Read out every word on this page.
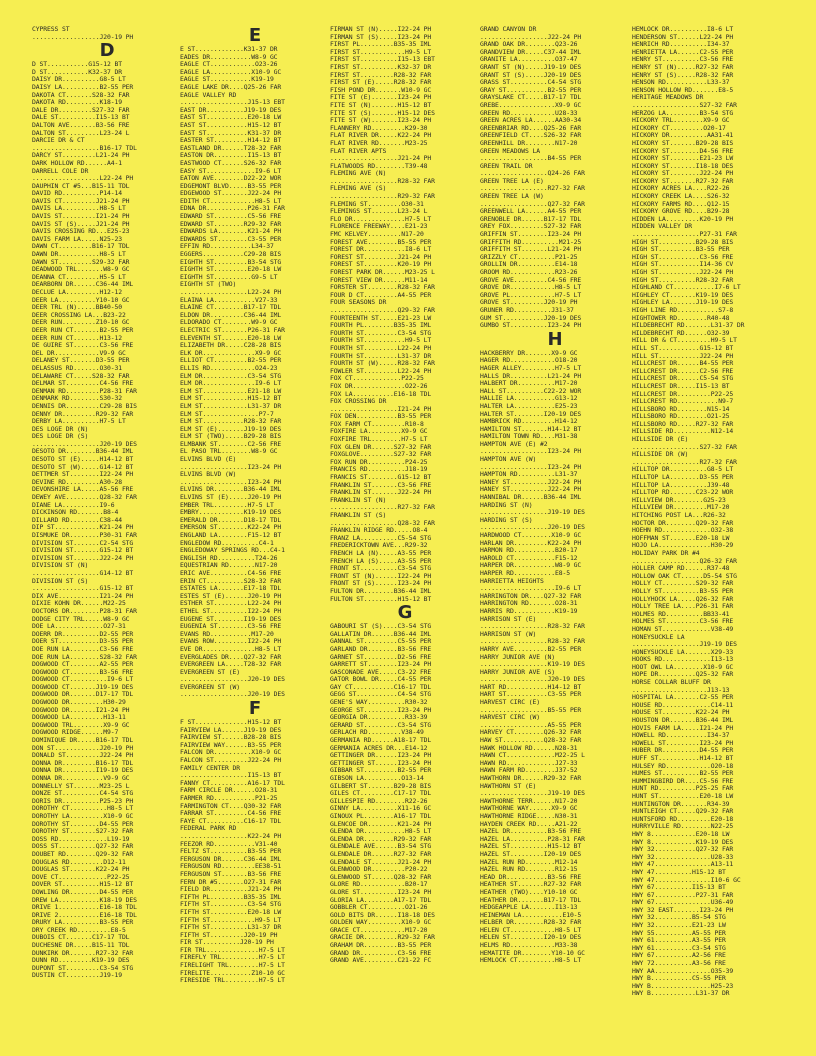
CYPRESS ST
..................J20-19 PH
D
D ST...........G15-12 BT
D ST...........K32-37 DR
DAISY DR..........G8-5 LT
DAISY LA..........B2-55 PER
DAKOTA CT.......S28-32 FAR
DAKOTA RD.........K18-19
DALE DR.........S27-32 FAR
DALE ST..........I15-13 BT
DALTON AVE.......B3-56 FRE
DALTON ST.........L23-24 L
DARCIE DR & CT
..................B16-17 TDL
DARCY ST.........L21-24 PH
DARK HOLLOW RD......A4-1
DARRELL COLE DR
..................L22-24 PH
DAUPHIN CT #5...B15-11 TDL
DAVID RD..........P14-14
DAVIS CT.........J21-24 PH
DAVIS LA..........H8-5 LT
DAVIS ST.........I21-24 PH
DAVIS ST (S).....J21-24 PH
DAVIS CROSSING RD...E25-23
DAVIS FARM LA.....N25-23
DAWN CT.........B16-17 TDL
DAWN DR...........H8-5 LT
DAWN ST.........S29-32 FAR
DEADWOOD TRL.......W8-9 GC
DEANNA CT.........H5-5 LT
DEARBORN DR......C36-44 IML
DECLUE LA.........H12-12
DEER LA..........Y10-10 GC
DEER TRL (N).....BB40-50
DEER CROSSING LA...B23-22
DEER RUN.........Z10-10 GC
DEER RUN CT.......B2-55 PER
DEER RUN CT.......H13-12
DE GUIRE ST.......C3-56 FRE
DEL DR............V9-9 GC
DELANEY ST.......D3-55 PER
DELASSUS RD.......O30-31
DELAWARE CT.....S28-32 FAR
DELMAR ST.........C4-56 FRE
DENMAN RD.........P28-31 FAR
DENMARK RD........S30-32
DENNIS DR.........C29-28 BIS
DENNY DR.........R29-32 FAR
DERBY LA..........H7-5 LT
DES LOGE DR (N)
DES LOGE DR (S)
..................J20-19 DES
DESOTO DR........B36-44 IML
DESOTO ST (E).....H14-12 BT
DESOTO ST (W).....G14-12 BT
DETTMER ST........I22-24 PH
DEVINE RD.........A30-28
DEVONSHIRE LA.....A5-56 FRE
DEWEY AVE.........Q28-32 FAR
DIANE LA..........I9-6
DICKINSON RD.......B8-4
DILLARD RD........C38-44
DIP ST............K21-24 PH
DISMUKE DR........P30-31 FAR
DIVISION ST.......C2-54 STG
DIVISION ST.......G15-12 BT
DIVISION ST.......J22-24 PH
DIVISION ST (N)
..................G14-12 BT
DIVISION ST (S)
..................G15-12 BT
DIX AVE...........I21-24 PH
DIXIE KOHN DR......M22-25
DOCTORS DR........P28-31 FAR
DODGE CITY TRL.....W8-9 GC
DOE LA.............O27-31
DOERR DR..........D2-55 PER
DOER ST...........D3-55 PER
DOE RUN LA........C3-56 FRE
DOE RUN LA........S28-32 FAR
DOGWOOD CT........A2-55 PER
DOGWOOD CT........B3-56 FRE
DOGWOOD CT..........I9-6 LT
DOGWOOD CT.......J19-19 DES
DOGWOOD DR.......D17-17 TDL
DOGWOOD DR.........H30-29
DOGWOOD DR.......I21-24 PH
DOGWOOD LA.........H13-11
DOGWOOD TRL........X9-9 GC
DOGWOOD RIDGE......M9-7
DOMINIQUE DR.....B16-17 TDL
DON ST............J20-19 PH
DONALD ST.........J22-24 PH
DONNA DR.........B16-17 TDL
DONNA DR.........I19-19 DES
DONNA DR...........V9-9 GC
DONNELLY ST.......M23-25 L
DONZE ST..........C4-54 STG
DORIS DR..........P25-23 PH
DOROTHY CT..........H8-5 LT
DOROTHY LA.........X10-9 GC
DOROTHY ST........D4-55 PER
DOROTHY ST.......S27-32 FAR
DOSS RD.............L19-19
DOSS ST..........Q27-32 FAR
DOUBET RD........Q29-32 FAR
DOUGLAS RD.........D12-11
DOUGLAS ST.......K22-24 PH
DOVE CT.............P22-25
DOVER ST..........H15-12 BT
DOWLING DR........D4-55 PER
DREW LA...........K18-19 DES
DRIVE 1...........E16-18 TDL
DRIVE 2...........E16-18 TDL
DRURY LA..........B3-55 PER
DRY CREEK RD.........E8-5
DUBOIS CT.......C17-17 TDL
DUCHESNE DR.....B15-11 TDL
DUNKIRK DR.......R27-32 FAR
DUNN RD.........K19-19 DES
DUPONT ST.........C3-54 STG
DUSTIN CT.........J19-19
E
E ST.............K31-37 DR
EADES DR...........W8-9 GC
EAGLE CT............O23-26
EAGLE LA...........X10-9 GC
EAGLE ST...........K19-19
EAGLE LAKE DR....Q25-26 FAR
EAGLE VALLEY RD
..................J15-13 EBT
EAST DR..........J19-19 DES
EAST ST...........E20-18 LW
EAST ST...........H15-12 BT
EAST ST...........K31-37 DR
EASTER ST.........H14-12 BT
EASTLAND DR......T28-32 FAR
EASTON DR.........I15-13 BT
EASTWOOD CT......S26-32 FAR
EASY ST.............I9-6 LT
EATON AVE........D22-22 WOR
EDGEMONT BLVD.....B3-55 PER
EDGEWOOD ST.......J22-24 PH
EDITH CT............H8-5 LT
EDNA DR...........P26-31 FAR
EDWARD ST.........C5-56 FRE
EDWARD ST........R29-32 FAR
EDWARDS LA........K21-24 PH
EDWARDS ST........C3-55 PER
EFFIN RD...........L34-37
EGGERS...........C29-28 BIS
EIGHTH ST.........B3-54 STG
EIGHTH ST.........E20-18 LW
EIGHTH ST..........G9-5 LT
EIGHTH ST (TWO)
..................L22-24 PH
ELAINA LA...........V27-33
ELAINE CT........B17-17 TDL
ELDON DR.........C36-44 IML
ELDORADO CT........W9-9 GC
ELECTRIC ST.......P26-31 FAR
ELEVENTH ST.......E20-18 LW
ELIZABETH DR.....C28-28 BIS
ELK DR..............X9-9 GC
ELLIOT CT.........B2-55 PER
ELLIS RD............O24-23
ELM DR............C3-54 STG
ELM DR..............I9-6 LT
ELM ST............E21-18 LW
ELM ST............H15-12 BT
ELM ST............L31-37 DR
ELM ST...............P7-7
ELM ST...........R28-32 FAR
ELM ST (E).......J19-19 DES
ELM ST (TWO).....B29-28 BIS
ELMBANK ST........C2-56 FRE
EL PASO TRL........W8-9 GC
ELVINS BLVD (E)
..................I23-24 PH
ELVINS BLVD (W)
..................I23-24 PH
ELVINS DR........B36-44 IML
ELVINS ST (E).....J20-19 PH
EMBER TRL.........H7-5 LT
EMBRY............K19-19 DES
EMERALD DR.......D18-17 TDL
EMERSON ST........K22-24 PH
ENGLAND LA........F15-12 BT
ENGLEDOW RD..........C4-1
ENGLEDOWAY SPRINGS RD...C4-1
ENGLISH RD..........T24-26
EQUESTRIAN RD.......N17-20
ERIC AVE..........C4-56 FRE
ERIN CT..........S28-32 FAR
ESTATES LA.......E17-18 TDL
ESTES ST (E)......J20-19 PH
ESTHER ST.........L22-24 PH
ETHEL ST..........I22-24 PH
EUGENE ST........I19-19 DES
EUGENIA ST........C3-56 FRE
EVANS RD...........M17-20
EVANS ROW.........I22-24 PH
EVE DR..............H8-5 LT
EVERGLADES DR....Q27-32 FAR
EVERGREEN LA.....T28-32 FAR
EVERGREEN ST (E)
..................J20-19 DES
EVERGREEN ST (W)
..................J20-19 DES
F
F ST..............H15-12 BT
FAIRVIEW LA......J19-19 DES
FAIRVIEW ST......B28-28 BIS
FAIRVIEW WAY......B3-55 PER
FALCON DR..........X10-9 GC
FALCON ST.........J22-24 PH
FAMILY CENTER DR
..................I15-13 BT
FANNY CT..........A16-17 TDL
FARM CIRCLE DR......O28-31
FARMER RD...........P21-25
FARMINGTON CT....Q30-32 FAR
FARRAR ST.........C4-56 FRE
FAYE CT..........C16-17 TDL
FEDERAL PARK RD
..................K22-24 PH
FEEZOR RD...........V31-40
FELTZ ST..........B3-55 PER
FERGUSON DR......C36-44 IML
FERGUSON RD.........EE38-51
FERGUSON ST.......B3-56 FRE
FERN DR #5.......O27-31 FAR
FIELD DR..........J21-24 PH
FIFTH PL.........B35-35 IML
FIFTH ST..........C3-54 STG
FIFTH ST..........E20-18 LW
FIFTH ST............H9-5 LT
FIFTH ST..........L31-37 DR
FIFTH ST.........J20-19 PH
FIR ST..........J20-19 PH
FIR TRL..............H7-5 LT
FIREFLY TRL..........H7-5 LT
FIRELIGHT TRL........H7-5 LT
FIRELITE...........Z10-10 GC
FIRESIDE TRL.........H7-5 LT
FIRMAN ST (N).....I22-24 PH
FIRMAN ST (S).....I23-24 PH
FIRST PL.........B35-35 IML
FIRST ST............H9-5 LT
FIRST ST..........I15-13 EBT
FIRST ST..........K32-37 DR
FIRST ST.........R28-32 FAR
FIRST ST (E).....R28-32 FAR
FISH POND DR.......W10-9 GC
FITE ST (E).......I23-24 PH
FITE ST (N).......H15-12 BT
FITE ST (S).......H15-12 DES
FITE ST (W).......I23-24 PH
FLANNERY RD.........K29-30
FLAT RIVER DR.....K22-24 PH
FLAT RIVER RD.......M23-25
FLAT RIVER APTS
..................J21-24 PH
FLATWOODS RD........T39-48
FLEMING AVE (N)
..................R28-32 FAR
FLEMING AVE (S)
..................R29-32 FAR
FLEMING ST.........O30-31
FLEMINGS ST.......L23-24 L
FLO DR..............H7-5 LT
FLORENCE FREEWAY....E21-23
FMC KELVEY.........N17-20
FOREST AVE........B5-55 PER
FOREST DR...........I8-6 LT
FOREST ST.........J21-24 PH
FOREST ST.........K20-19 PH
FOREST PARK DR......M23-25 L
FOREST VIEW DR......M11-14
FORSTER ST........R28-32 FAR
FOUR D CT.........A4-55 PER
FOUR SEASONS DR
..................Q29-32 FAR
FOURTEENTH ST.....E21-23 LW
FOURTH PL........B35-35 IML
FOURTH ST.........C3-54 STG
FOURTH ST...........H9-5 LT
FOURTH ST.........L22-24 PH
FOURTH ST.........L31-37 DR
FOURTH ST (W).....R28-32 FAR
FOWLER ST.........L22-24 PH
FOX CT.............P22-25
FOX DR..............O22-26
FOX LA...........E16-18 TDL
FOX CROSSING DR
..................I21-24 PH
FOX DEN...........B3-55 PER
FOX FARM CT.........R10-8
FOXFIRE LA.........X9-9 GC
FOXFIRE TRL........H7-5 LT
FOX GLEN DR......S27-32 FAR
FOXGLOVE.........S27-32 FAR
FOX RUN DR..........P24-25
FRANCIS RD..........J18-19
FRANCIS ST........G15-12 BT
FRANKLIN ST.......C3-56 FRE
FRANKLIN ST.......J22-24 PH
FRANKLIN ST (N)
..................R27-32 FAR
FRANKLIN ST (S)
..................Q28-32 FAR
FRANKLIN RIDGE RD.....O8-4
FRANZ LA..........C5-54 STG
FREDERICKTOWN AVE...R29-32
FRENCH LA (N).....A3-55 PER
FRENCH LA (S).....A3-55 PER
FRONT ST..........C3-54 STG
FRONT ST (N)......I22-24 PH
FRONT ST (S)......I23-24 PH
FULTON DR........B36-44 IML
FULTON ST.........H15-12 BT
G
GABOURI ST (S)....C3-54 STG
GALLATIN DR......B36-44 IML
GANNAL ST.........C5-55 PER
GARLAND DR........B3-56 FRE
GARNET ST.........D2-56 FRE
GARRETT ST........I23-24 PH
GASCONADE AVE.....C3-22 FRE
GATOR BOWL DR.....C4-55 PER
GAY CT...........C16-17 TDL
GEGG ST...........C4-54 STG
GENE'S WAY..........R30-32
GEORGE ST.........I23-24 PH
GEORGIA DR..........R33-39
GERARD ST.........C3-54 STG
GERLACH RD.........V38-49
GERMANIA RD......A18-17 TDL
GERMANIA ACRES DR...E14-12
GETTINGER DR......I23-24 PH
GETTINGER ST......I23-24 PH
GIBBAR ST.........B2-55 PER
GIBSON LA..........O13-14
GILBERT ST.......B29-28 BIS
GILES CT.........C17-17 TDL
GILLESPIE RD........R22-26
GINNY LA..........X11-16 GC
GINOUX PL........A16-17 TDL
GLENCOE DR........K21-24 PH
GLENDA DR...........H8-5 LT
GLENDA DR........R29-32 FAR
GLENDALE AVE......B3-54 STG
GLENDALE DR......R27-32 FAR
GLENDALE ST.......J21-24 PH
GLENWOOD DR.........P20-22
GLENWOOD ST......Q28-32 FAR
GLORE RD............B20-17
GLORE ST..........I23-24 PH
GLORIA LA........A17-17 TDL
GOBBLER CT..........O21-26
GOLD BITS DR......I18-18 DES
GOLDEN WAY.........X10-9 GC
GRACE CT............M17-20
GRACIE DR.........R29-32 FAR
GRAHAM DR.........B3-55 PER
GRAND DR..........C3-56 FRE
GRAND AVE.........C21-22 FC
GRAND CANYON DR
..................J22-24 PH
GRAND OAK DR........Q23-26
GRANDVIEW DR.....C37-44 IML
GRANITE LA..........O37-47
GRANT ST (N).....J19-19 DES
GRANT ST (S).....J20-19 DES
GRASS ST..........C4-54 STG
GRAY ST...........B2-55 PER
GRAYSLAKE CT.....B17-17 TDL
GREBE...............X9-9 GC
GREEN RD............U28-33
GREEN ACRES LA......AA30-34
GREENBRIAR RD....Q25-26 FAR
GREENFIELD CT....S26-32 FAR
GREENHILL DR........N17-20
GREEN MEADOWS LA
..................B4-55 PER
GREEN TRAIL DR
..................Q24-26 FAR
GREEN TREE LA (E)
..................R27-32 FAR
GREEN TREE LA (W)
..................Q27-32 FAR
GREENWELL LA......A4-55 PER
GRENOBLE DR......B17-17 TDL
GREY FOX.........S27-32 FAR
GRIFFIN ST........I23-24 PH
GRIFFITH RD..........M21-25
GRIFFITH ST.......L21-24 PH
GRIZZLY CT..........P21-25
GROLLIN DR..........E14-18
GROOM RD............R23-26
GROVE AVE.........C4-56 FRE
GROVE DR............H8-5 LT
GROVE PL............H7-5 LT
GROVE ST.........J20-19 PH
GRUNER RD..........J31-37
GUM ST...........J20-19 DES
GUMBO ST..........I23-24 PH
H
HACKBERRY DR.......X9-9 GC
HAGER RD............O18-20
HAGER ALLEY.........H7-5 LT
HALLS DR..........L21-24 PH
HALBERT DR..........M17-20
HALL ST..........C22-22 WOR
HALLIE LA...........G13-12
HALTER LA...........E25-23
HALTER ST........I20-19 DES
HAMBRICK RD.........H14-12
HAMILTON ST.......H14-12 BT
HAMILTON TOWN RD....M31-38
HAMPTON AVE (E) #2
..................I23-24 PH
HAMPTON AVE (W)
..................I23-24 PH
HAMPTON RD..........L31-37
HANEY ST..........J22-24 PH
HANEY ST..........J22-24 PH
HANNIBAL DR......B36-44 IML
HARDING ST (N)
..................J19-19 DES
HARDING ST (S)
..................J20-19 DES
HARDWOOD CT........X10-9 GC
HARLAN DR.........K22-24 PH
HARMON RD...........B20-17
HAROLD CT...........F15-12
HARPER DR...........W8-9 GC
HARPER RD...........E8-5
HARRIETTA HEIGHTS
....................I9-6 LT
HARRINGTON DR....Q27-32 FAR
HARRINGTON RD.......O28-31
HARRIS RD...........K19-19
HARRISON ST (E)
..................R28-32 FAR
HARRISON ST (W)
..................R28-32 FAR
HARRY AVE.........B2-55 PER
HARRY JUNIOR AVE (N)
..................K19-19 DES
HARRY JUNIOR AVE (S)
..................J20-19 DES
HART RD...........H14-12 BT
HART ST...........C3-55 PER
HARVEST CIRC (E)
..................B5-55 PER
HARVEST CIRC (W)
..................A5-55 PER
HARVEY CT........Q26-32 FAR
HAW ST...........Q28-32 FAR
HAWK HOLLOW RD......N28-31
HAWN CT.............M22-25 L
HAWN RD.............J27-33
HAWN FARM RD........J37-52
HAWTHORN DR......R29-32 FAR
HAWTHORN ST (E)
..................J19-19 DES
HAWTHORNE TERR......N17-20
HAWTHORNE WAY......X9-9 GC
HAWTHORNE RIDGE.....N30-31
HAYDEN CREEK RD.....A21-22
HAZEL DR..........B3-56 FRE
HAZEL LA..........P28-31 FAR
HAZEL ST..........H15-12 BT
HAZEL ST.........I20-19 DES
HAZEL RUN RD........M12-14
HAZEL RUN RD........R12-15
HEAD DR...........B3-56 FRE
HEATHER ST.......R27-32 FAR
HEATHER (TWO)....Y10-10 GC
HEATHER DR.......B17-17 TDL
HEDGEAPPLE LA.......I13-13
HEINEMAN LA...........E10-5
HELBER DR........R28-32 FAR
HELEN CT............H8-5 LT
HELEN ST.........I20-19 DES
HELMS RD............M33-38
HEMATITE DR........Y10-10 GC
HEMLOCK CT..........H8-5 LT
HEMLOCK DR..........I8-6 LT
HENDERSON ST......L22-24 PH
HENRICH RD..........I34-37
HENRIETTA LA......C2-55 PER
HENRY ST..........C3-56 FRE
HENRY ST (N).....R27-32 FAR
HENRY ST (S).....R28-32 FAR
HENSON RD...........L33-37
HENSON HOLLOW RD.......E8-5
HERITAGE MEADOWS DR
..................S27-32 FAR
HERZOG LA.........B3-54 STG
HICKORY TRL........X9-9 GC
HICKORY CT.........O20-17
HICKORY DR..........AA31-41
HICKORY ST.......B29-28 BIS
HICKORY ST........D4-56 FRE
HICKORY ST........E21-23 LW
HICKORY ST.......I18-18 DES
HICKORY ST........J22-24 PH
HICKORY ST.......R27-32 FAR
HICKORY ACRES LA....R22-26
HICKORY CREEK LA....S26-32
HICKORY FARMS RD....Q12-15
HICKORY GROVE RD....B29-28
HIDDEN LA.........K20-19 PH
HIDDEN VALLEY DR
..................P27-31 FAR
HIGH ST..........B29-28 BIS
HIGH ST..........B3-55 PER
HIGH ST...........C3-56 FRE
HIGH ST...........I14-36 CV
HIGH ST...........J22-24 PH
HIGH ST..........R28-32 FAR
HIGHLAND CT...........I7-6 LT
HIGHLEY CT.......K19-19 DES
HIGHLEY LA.......J19-19 DES
HIGH LINE RD...........S7-8
HIGHTOWER RD........R40-48
HILDEBRECHT RD.......L31-37 DR
HILDEBRECHT RD......O32-39
HILL DR & CT.........H9-5 LT
HILL ST...........G15-12 BT
HILL ST...........J22-24 PH
HILLCREST DR......B4-55 PER
HILLCREST DR......C2-56 FRE
HILLCREST DR......C5-54 STG
HILLCREST DR.....I15-13 BT
HILLCREST DR.........P22-25
HILLCREST RD...........N9-7
HILLSBORO RD........N15-14
HILLSBORO RD........O21-25
HILLSBORO RD.....R27-32 FAR
HILLSIDE RD..........N12-14
HILLSIDE DR (E)
..................S27-32 FAR
HILLSIDE DR (W)
..................R27-32 FAR
HILLTOP DR..........G8-5 LT
HILLTOP LA........D3-55 PER
HILLTOP LA..........J39-48
HILLTOP RD.......C23-22 WOR
HILLVIEW DR........G25-23
HILLVIEW DR.........M17-20
HITCHING POST LA...R26-32
HOCTOR DR........Q29-32 FAR
HOEHN RD.............O32-38
HOFFMAN ST.......E20-18 LW
HOJO LA..............H30-29
HOLIDAY PARK DR #4
..................Q26-32 FAR
HOLLER CAMP RD......R37-48
HOLLOW OAK CT......D5-54 STG
HOLLY CT.........S29-32 FAR
HOLLY ST..........B3-55 PER
HOLLYHOCK LA.....Q26-32 FAR
HOLLY TREE LA....P26-31 FAR
HOLMES RD..........BB33-41
HOLMES ST.........C3-56 FRE
HOMAN ST.............V38-49
HONEYSUCKLE LA
..................J19-19 DES
HONEYSUCKLE LA.......X29-33
HOOKS RD.............I13-13
HOOT OWL LA........X10-9 GC
HOPE DR..........Q25-32 FAR
HORSE COLLAR BLUFF DR
....................J13-13
HOSPITAL LA.......C2-55 PER
HOUSE RD.............C14-11
HOUSE ST.........K22-24 PH
HOUSTON DR.......B36-44 IML
HOVIS FARM LA.....I21-24 PH
HOWELL RD...........I34-37
HOWELL ST.........I23-24 PH
HUBER DR..........D4-55 PER
HUFF ST...........H14-12 BT
HULSEY RD............O20-18
HUMES ST..........B2-55 PER
HUMMINGBIRD DR....C5-56 FRE
HUNT RD..........P25-25 FAR
HUNT ST...........E20-18 LW
HUNTINGTON DR.......R34-39
HUNTLEIGH CT.....Q29-32 FAR
HUNTSFORD RD.........E20-18
HURRYVILLE RD........N22-25
HWY 8............E20-18 LW
HWY 8............K19-19 DES
HWY 32...........Q27-32 FAR
HWY 32...............U28-33
HWY 47...............A13-11
HWY 47..........H15-12 BT
HWY 47...............I10-6 GC
HWY 67..........I15-13 BT
HWY 67...........P27-31 FAR
HWY 67...............U36-49
HWY 32 EAST.......I23-24 PH
HWY 32..........B5-54 STG
HWY 32..........E21-23 LW
HWY 55..........A5-55 PER
HWY 61..........A3-55 PER
HWY 61..........C3-54 STG
HWY 67..........A2-56 FRE
HWY 72..........A3-56 FRE
HWY AA...............O35-39
HWY B...........C5-55 PER
HWY B................H25-23
HWY B............L31-37 DR
